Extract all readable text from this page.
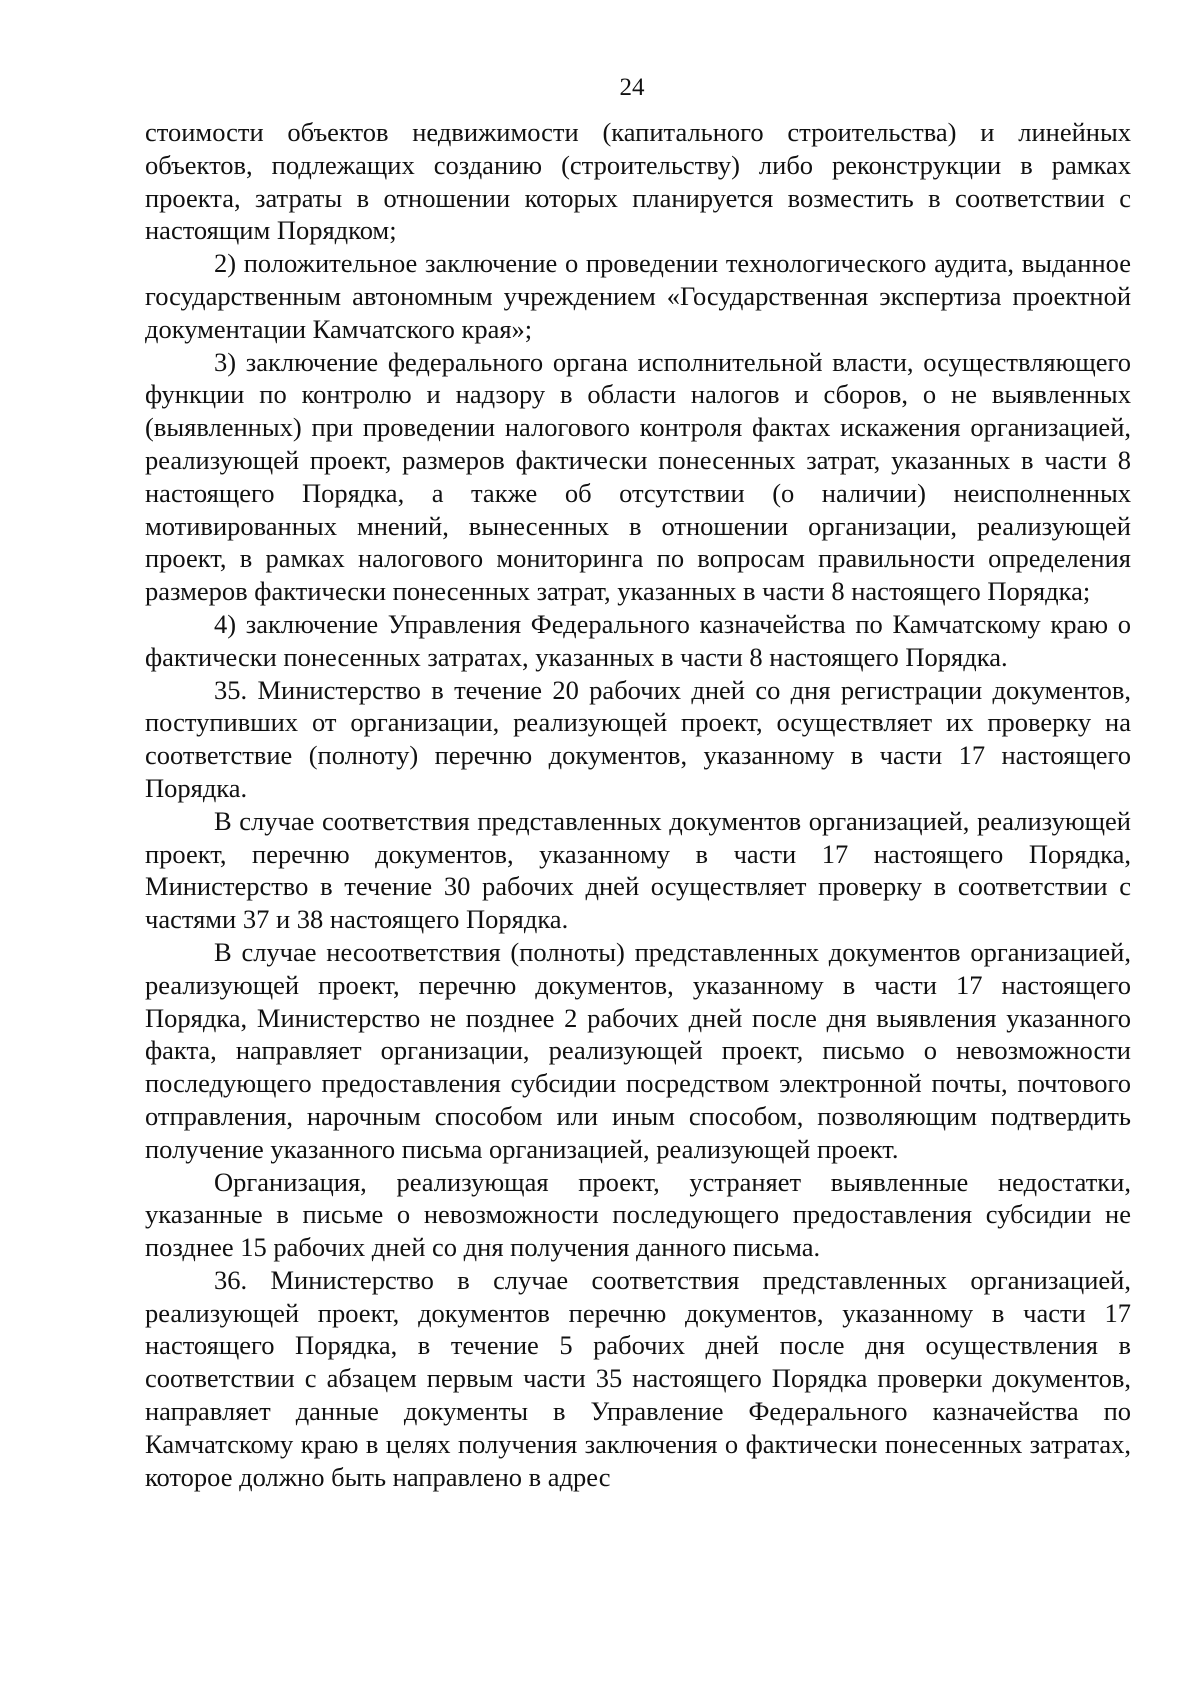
24

стоимости объектов недвижимости (капитального строительства) и линейных объектов, подлежащих созданию (строительству) либо реконструкции в рамках проекта, затраты в отношении которых планируется возместить в соответствии с настоящим Порядком;

2) положительное заключение о проведении технологического аудита, выданное государственным автономным учреждением «Государственная экспертиза проектной документации Камчатского края»;

3) заключение федерального органа исполнительной власти, осуществляющего функции по контролю и надзору в области налогов и сборов, о не выявленных (выявленных) при проведении налогового контроля фактах искажения организацией, реализующей проект, размеров фактически понесенных затрат, указанных в части 8 настоящего Порядка, а также об отсутствии (о наличии) неисполненных мотивированных мнений, вынесенных в отношении организации, реализующей проект, в рамках налогового мониторинга по вопросам правильности определения размеров фактически понесенных затрат, указанных в части 8 настоящего Порядка;

4) заключение Управления Федерального казначейства по Камчатскому краю о фактически понесенных затратах, указанных в части 8 настоящего Порядка.

35. Министерство в течение 20 рабочих дней со дня регистрации документов, поступивших от организации, реализующей проект, осуществляет их проверку на соответствие (полноту) перечню документов, указанному в части 17 настоящего Порядка.

В случае соответствия представленных документов организацией, реализующей проект, перечню документов, указанному в части 17 настоящего Порядка, Министерство в течение 30 рабочих дней осуществляет проверку в соответствии с частями 37 и 38 настоящего Порядка.

В случае несоответствия (полноты) представленных документов организацией, реализующей проект, перечню документов, указанному в части 17 настоящего Порядка, Министерство не позднее 2 рабочих дней после дня выявления указанного факта, направляет организации, реализующей проект, письмо о невозможности последующего предоставления субсидии посредством электронной почты, почтового отправления, нарочным способом или иным способом, позволяющим подтвердить получение указанного письма организацией, реализующей проект.

Организация, реализующая проект, устраняет выявленные недостатки, указанные в письме о невозможности последующего предоставления субсидии не позднее 15 рабочих дней со дня получения данного письма.

36. Министерство в случае соответствия представленных организацией, реализующей проект, документов перечню документов, указанному в части 17 настоящего Порядка, в течение 5 рабочих дней после дня осуществления в соответствии с абзацем первым части 35 настоящего Порядка проверки документов, направляет данные документы в Управление Федерального казначейства по Камчатскому краю в целях получения заключения о фактически понесенных затратах, которое должно быть направлено в адрес
